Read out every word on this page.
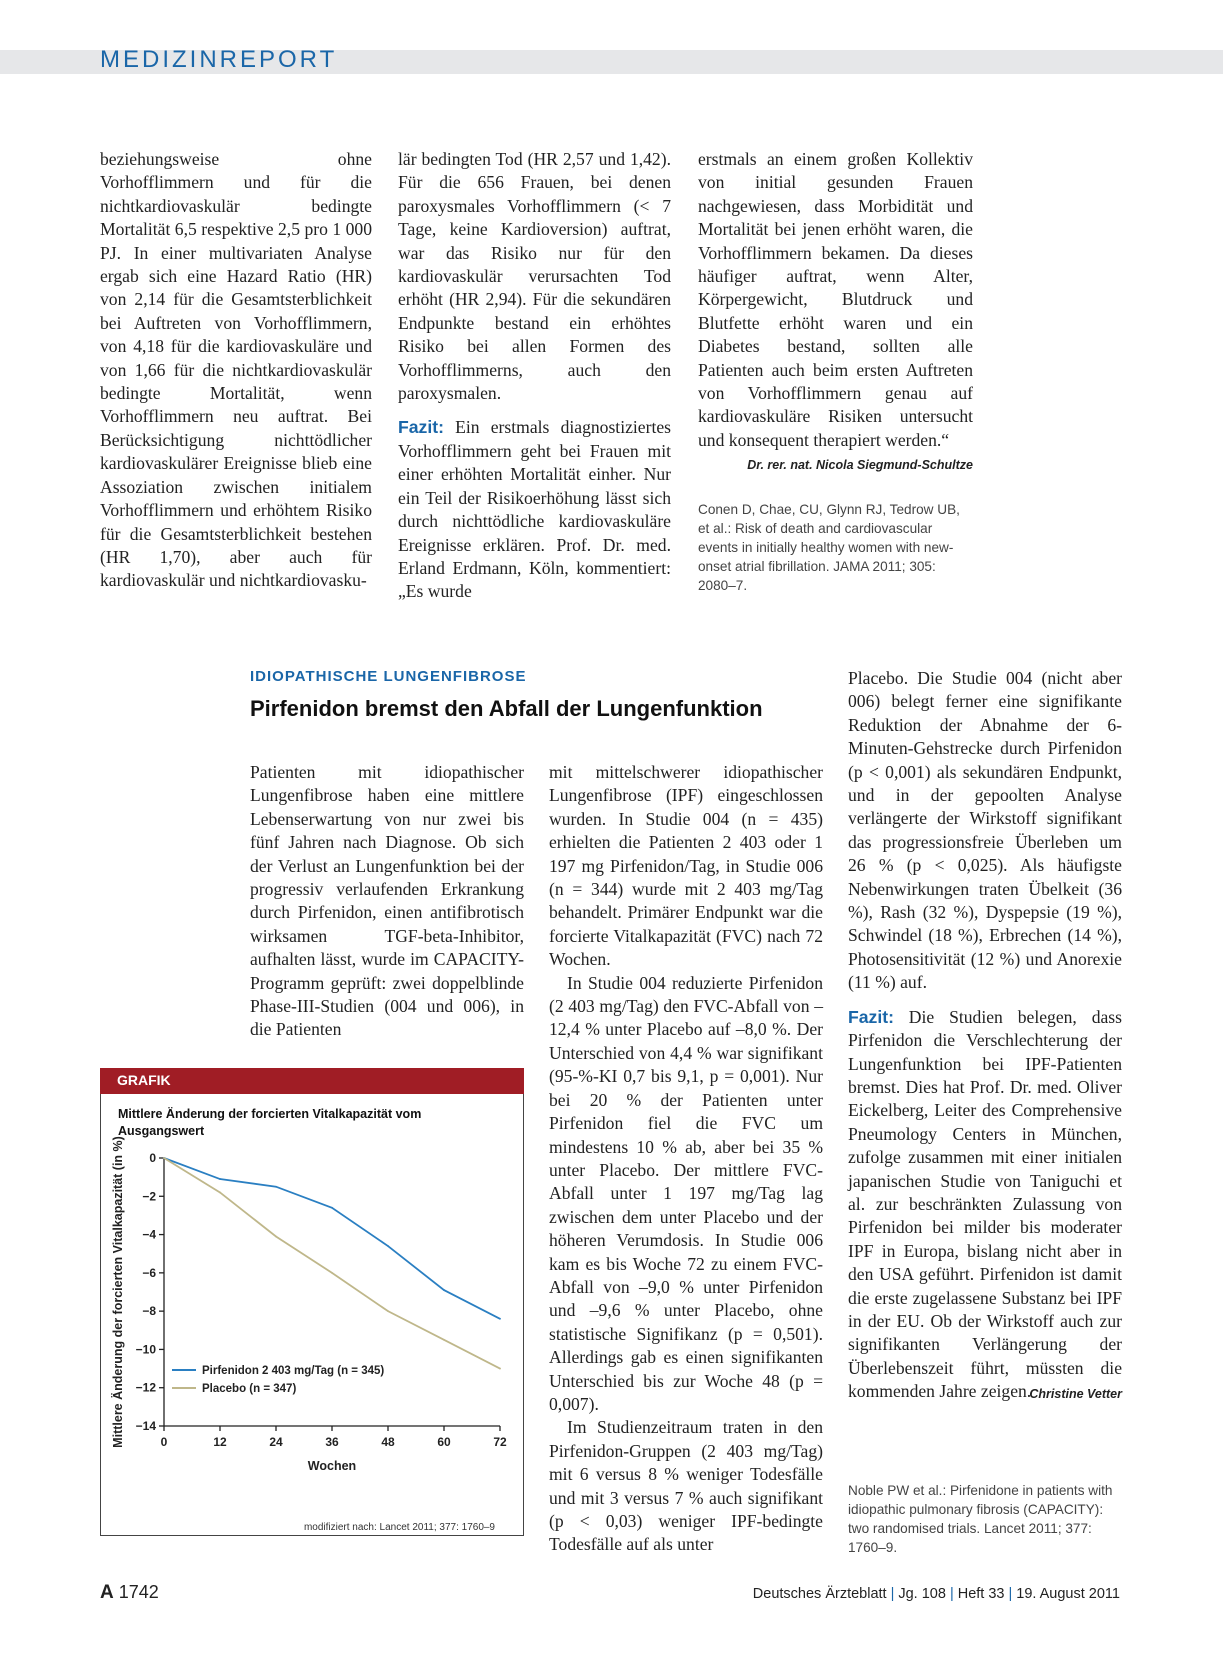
MEDIZINREPORT

beziehungsweise ohne Vorhofflimmern und für die nichtkardiovaskulär bedingte Mortalität 6,5 respektive 2,5 pro 1 000 PJ. In einer multivariaten Analyse ergab sich eine Hazard Ratio (HR) von 2,14 für die Gesamtsterblichkeit bei Auftreten von Vorhofflimmern, von 4,18 für die kardiovaskuläre und von 1,66 für die nichtkardiovaskulär bedingte Mortalität, wenn Vorhofflimmern neu auftrat. Bei Berücksichtigung nichttödlicher kardiovaskulärer Ereignisse blieb eine Assoziation zwischen initialem Vorhofflimmern und erhöhtem Risiko für die Gesamtsterblichkeit bestehen (HR 1,70), aber auch für kardiovaskulär und nichtkardiovasku-

lär bedingten Tod (HR 2,57 und 1,42). Für die 656 Frauen, bei denen paroxysmales Vorhofflimmern (< 7 Tage, keine Kardioversion) auftrat, war das Risiko nur für den kardiovaskulär verursachten Tod erhöht (HR 2,94). Für die sekundären Endpunkte bestand ein erhöhtes Risiko bei allen Formen des Vorhofflimmerns, auch den paroxysmalen.

Fazit: Ein erstmals diagnostiziertes Vorhofflimmern geht bei Frauen mit einer erhöhten Mortalität einher. Nur ein Teil der Risikoerhöhung lässt sich durch nichttödliche kardiovaskuläre Ereignisse erklären. Prof. Dr. med. Erland Erdmann, Köln, kommentiert: „Es wurde

erstmals an einem großen Kollektiv von initial gesunden Frauen nachgewiesen, dass Morbidität und Mortalität bei jenen erhöht waren, die Vorhofflimmern bekamen. Da dieses häufiger auftrat, wenn Alter, Körpergewicht, Blutdruck und Blutfette erhöht waren und ein Diabetes bestand, sollten alle Patienten auch beim ersten Auftreten von Vorhofflimmern genau auf kardiovaskuläre Risiken untersucht und konsequent therapiert werden.“

Dr. rer. nat. Nicola Siegmund-Schultze

Conen D, Chae, CU, Glynn RJ, Tedrow UB, et al.: Risk of death and cardiovascular events in initially healthy women with new-onset atrial fibrillation. JAMA 2011; 305: 2080–7.
IDIOPATHISCHE LUNGENFIBROSE
Pirfenidon bremst den Abfall der Lungenfunktion

Patienten mit idiopathischer Lungenfibrose haben eine mittlere Lebenserwartung von nur zwei bis fünf Jahren nach Diagnose. Ob sich der Verlust an Lungenfunktion bei der progressiv verlaufenden Erkrankung durch Pirfenidon, einen antifibrotisch wirksamen TGF-beta-Inhibitor, aufhalten lässt, wurde im CAPACITY-Programm geprüft: zwei doppelblinde Phase-III-Studien (004 und 006), in die Patienten

mit mittelschwerer idiopathischer Lungenfibrose (IPF) eingeschlossen wurden. In Studie 004 (n = 435) erhielten die Patienten 2 403 oder 1 197 mg Pirfenidon/Tag, in Studie 006 (n = 344) wurde mit 2 403 mg/Tag behandelt. Primärer Endpunkt war die forcierte Vitalkapazität (FVC) nach 72 Wochen.

In Studie 004 reduzierte Pirfenidon (2 403 mg/Tag) den FVC-Abfall von –12,4 % unter Placebo auf –8,0 %. Der Unterschied von 4,4 % war signifikant (95-%-KI 0,7 bis 9,1, p = 0,001). Nur bei 20 % der Patienten unter Pirfenidon fiel die FVC um mindestens 10 % ab, aber bei 35 % unter Placebo. Der mittlere FVC-Abfall unter 1 197 mg/Tag lag zwischen dem unter Placebo und der höheren Verumdosis. In Studie 006 kam es bis Woche 72 zu einem FVC-Abfall von –9,0 % unter Pirfenidon und –9,6 % unter Placebo, ohne statistische Signifikanz (p = 0,501). Allerdings gab es einen signifikanten Unterschied bis zur Woche 48 (p = 0,007).

Im Studienzeitraum traten in den Pirfenidon-Gruppen (2 403 mg/Tag) mit 6 versus 8 % weniger Todesfälle und mit 3 versus 7 % auch signifikant (p < 0,03) weniger IPF-bedingte Todesfälle auf als unter

Placebo. Die Studie 004 (nicht aber 006) belegt ferner eine signifikante Reduktion der Abnahme der 6-Minuten-Gehstrecke durch Pirfenidon (p < 0,001) als sekundären Endpunkt, und in der gepoolten Analyse verlängerte der Wirkstoff signifikant das progressionsfreie Überleben um 26 % (p < 0,025). Als häufigste Nebenwirkungen traten Übelkeit (36 %), Rash (32 %), Dyspepsie (19 %), Schwindel (18 %), Erbrechen (14 %), Photosensitivität (12 %) und Anorexie (11 %) auf.

Fazit: Die Studien belegen, dass Pirfenidon die Verschlechterung der Lungenfunktion bei IPF-Patienten bremst. Dies hat Prof. Dr. med. Oliver Eickelberg, Leiter des Comprehensive Pneumology Centers in München, zufolge zusammen mit einer initialen japanischen Studie von Taniguchi et al. zur beschränkten Zulassung von Pirfenidon bei milder bis moderater IPF in Europa, bislang nicht aber in den USA geführt. Pirfenidon ist damit die erste zugelassene Substanz bei IPF in der EU. Ob der Wirkstoff auch zur signifikanten Verlängerung der Überlebenszeit führt, müssten die kommenden Jahre zeigen.

Christine Vetter

Noble PW et al.: Pirfenidone in patients with idiopathic pulmonary fibrosis (CAPACITY): two randomised trials. Lancet 2011; 377: 1760–9.
GRAFIK
Mittlere Änderung der forcierten Vitalkapazität vom Ausgangswert
0
−2
−4
−6
−8
−10
−12
−14
0	12	24	36	48	60	72
Wochen
Mittlere Änderung der forcierten Vitalkapazität (in %)	Pirfenidon 2 403 mg/Tag (n = 345)
Placebo (n = 347)
modifiziert nach: Lancet 2011; 377: 1760–9
A 1742	Deutsches Ärzteblatt | Jg. 108 | Heft 33 | 19. August 2011
